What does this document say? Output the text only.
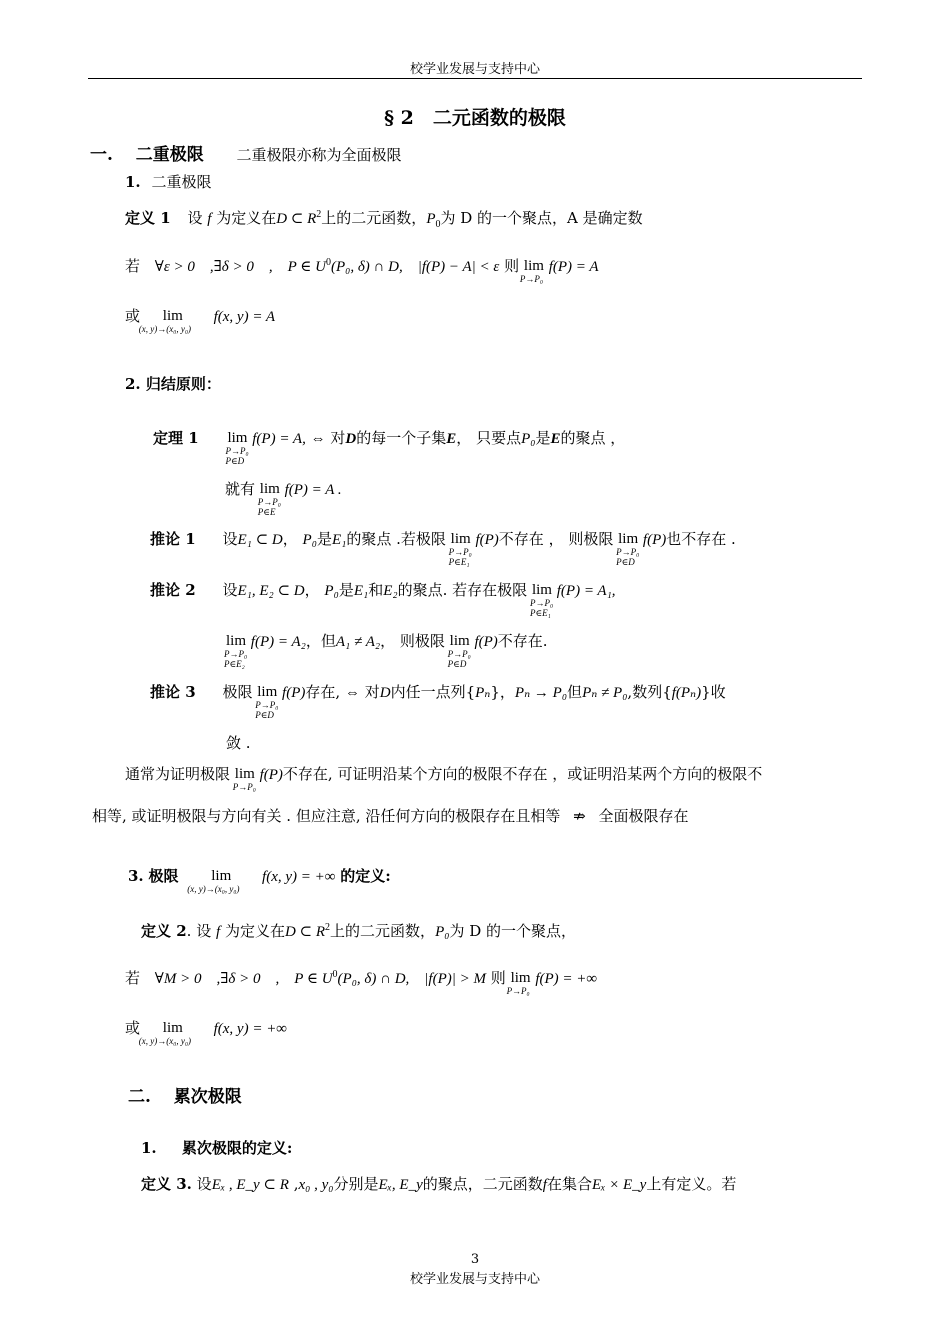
校学业发展与支持中心
§ 2　二元函数的极限
一. 二重极限 二重极限亦称为全面极限
1. 二重极限
定义 1 设 f 为定义在D ⊂ $R^2$上的二元函数，$P_0$为 D 的一个聚点，A 是确定数
若 ∀ε > 0　,∃δ > 0　,　P ∈ $U^0(P_0$, δ) ∩ D,　|f(P) − A| < ε 则 lim
P→P₀
f(P) = A
或 lim
(x, y)→(x₀, y₀)
f(x, y) = A
2. 归结原则：
定理 1 lim
P→P₀
P∈D
f(P) = A, ⇔ 对D的每一个子集E， 只要点P₀是E的聚点 ，
就有 lim
P→P₀
P∈E
f(P) = A .
推论 1 设E₁ ⊂ D， P₀是E₁的聚点 .若极限 lim
P→P₀
P∈E₁
f(P)不存在 ， 则极限 lim
P→P₀
P∈D
f(P)也不存在 .
推论 2 设E₁, E₂ ⊂ D， P₀是E₁和E₂的聚点. 若存在极限 lim
P→P₀
P∈E₁
f(P) = A₁,
lim
P→P₀
P∈E₂
f(P) = A₂，但A₁ ≠ A₂， 则极限 lim
P→P₀
P∈D
f(P)不存在.
推论 3 极限 lim
P→P₀
P∈D
f(P)存在, ⇔ 对D内任一点列{Pₙ}，Pₙ → P₀但Pₙ ≠ P₀,数列{f(Pₙ)}收
敛 .
通常为证明极限 lim
P→P₀
f(P)不存在, 可证明沿某个方向的极限不存在 ，或证明沿某两个方向的极限不
相等, 或证明极限与方向有关 . 但应注意, 沿任何方向的极限存在且相等 ⇏ 全面极限存在
3. 极限 lim
(x, y)→(x₀, y₀)
f(x, y) = +∞ 的定义:
定义 2. 设 f 为定义在D ⊂ $R^2$上的二元函数，P₀为 D 的一个聚点，
若 ∀M > 0　,∃δ > 0　,　P ∈ $U^0(P_0$, δ) ∩ D,　|f(P)| > M 则 lim
P→P₀
f(P) = +∞
或 lim
(x, y)→(x₀, y₀)
f(x, y) = +∞
二. 累次极限
1. 累次极限的定义:
定义 3. 设Eₓ , E_y ⊂ R ,x₀ , y₀分别是Eₓ, E_y的聚点，二元函数f在集合Eₓ × E_y上有定义。若
3
校学业发展与支持中心
